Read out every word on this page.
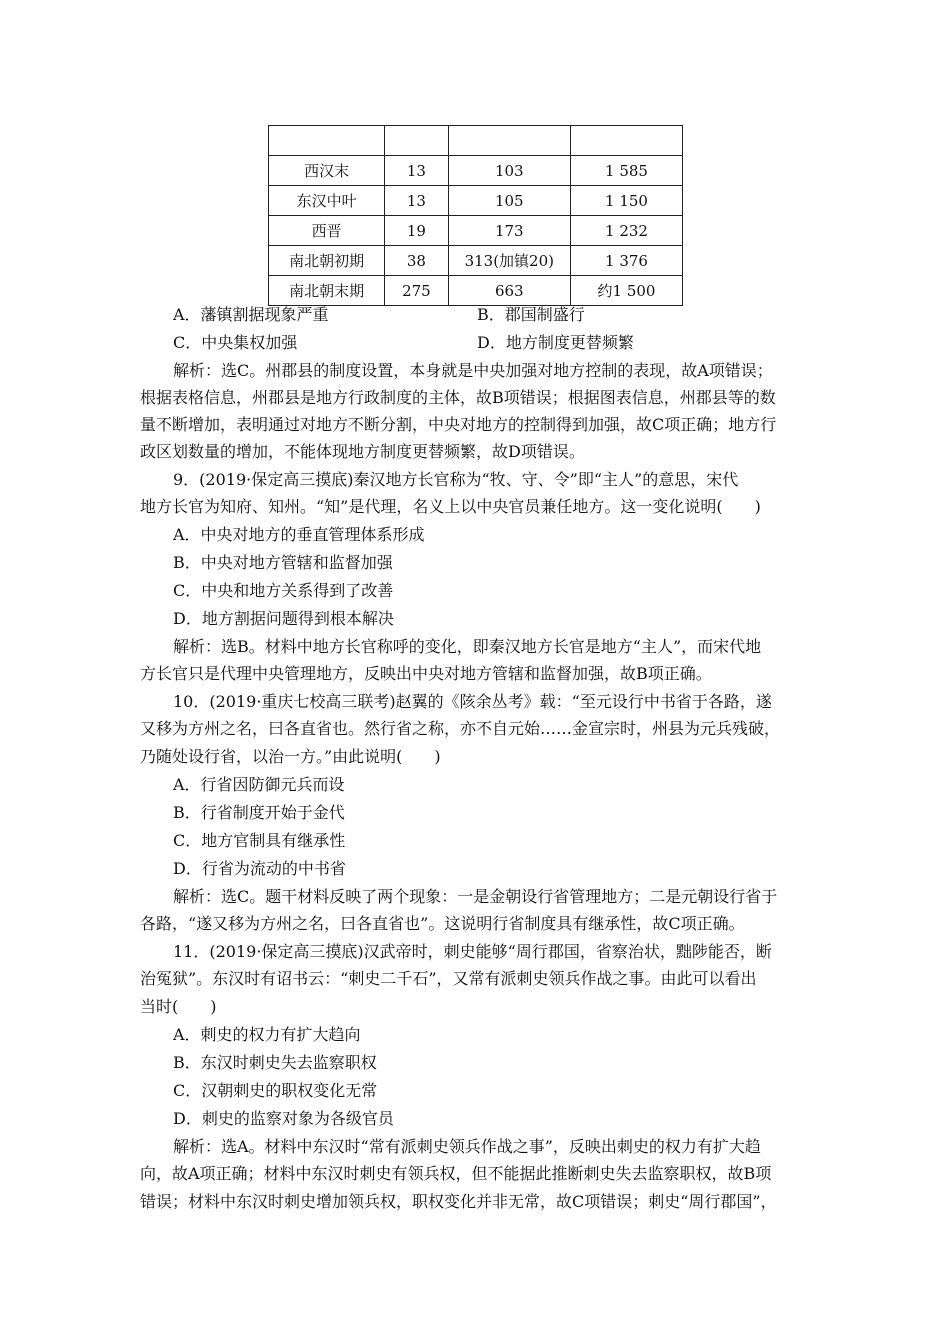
西汉末	13	103	1 585
东汉中叶	13	105	1 150
西晋	19	173	1 232
南北朝初期	38	313(加镇20)	1 376
南北朝末期	275	663	约1 500
A．藩镇割据现象严重	B．郡国制盛行
C．中央集权加强	D．地方制度更替频繁
解析：选C。州郡县的制度设置，本身就是中央加强对地方控制的表现，故A项错误；
根据表格信息，州郡县是地方行政制度的主体，故B项错误；根据图表信息，州郡县等的数
量不断增加，表明通过对地方不断分割，中央对地方的控制得到加强，故C项正确；地方行
政区划数量的增加，不能体现地方制度更替频繁，故D项错误。
9．(2019·保定高三摸底)秦汉地方长官称为“牧、守、令”即“主人”的意思，宋代
地方长官为知府、知州。“知”是代理，名义上以中央官员兼任地方。这一变化说明(　　)
A．中央对地方的垂直管理体系形成
B．中央对地方管辖和监督加强
C．中央和地方关系得到了改善
D．地方割据问题得到根本解决
解析：选B。材料中地方长官称呼的变化，即秦汉地方长官是地方“主人”，而宋代地
方长官只是代理中央管理地方，反映出中央对地方管辖和监督加强，故B项正确。
10．(2019·重庆七校高三联考)赵翼的《陔余丛考》载：“至元设行中书省于各路，遂
又移为方州之名，曰各直省也。然行省之称，亦不自元始……金宣宗时，州县为元兵残破，
乃随处设行省，以治一方。”由此说明(　　)
A．行省因防御元兵而设
B．行省制度开始于金代
C．地方官制具有继承性
D．行省为流动的中书省
解析：选C。题干材料反映了两个现象：一是金朝设行省管理地方；二是元朝设行省于
各路，“遂又移为方州之名，曰各直省也”。这说明行省制度具有继承性，故C项正确。
11．(2019·保定高三摸底)汉武帝时，刺史能够“周行郡国，省察治状，黜陟能否，断
治冤狱”。东汉时有诏书云：“刺史二千石”，又常有派刺史领兵作战之事。由此可以看出
当时(　　)
A．刺史的权力有扩大趋向
B．东汉时刺史失去监察职权
C．汉朝刺史的职权变化无常
D．刺史的监察对象为各级官员
解析：选A。材料中东汉时“常有派刺史领兵作战之事”，反映出刺史的权力有扩大趋
向，故A项正确；材料中东汉时刺史有领兵权，但不能据此推断刺史失去监察职权，故B项
错误；材料中东汉时刺史增加领兵权，职权变化并非无常，故C项错误；刺史“周行郡国”，
